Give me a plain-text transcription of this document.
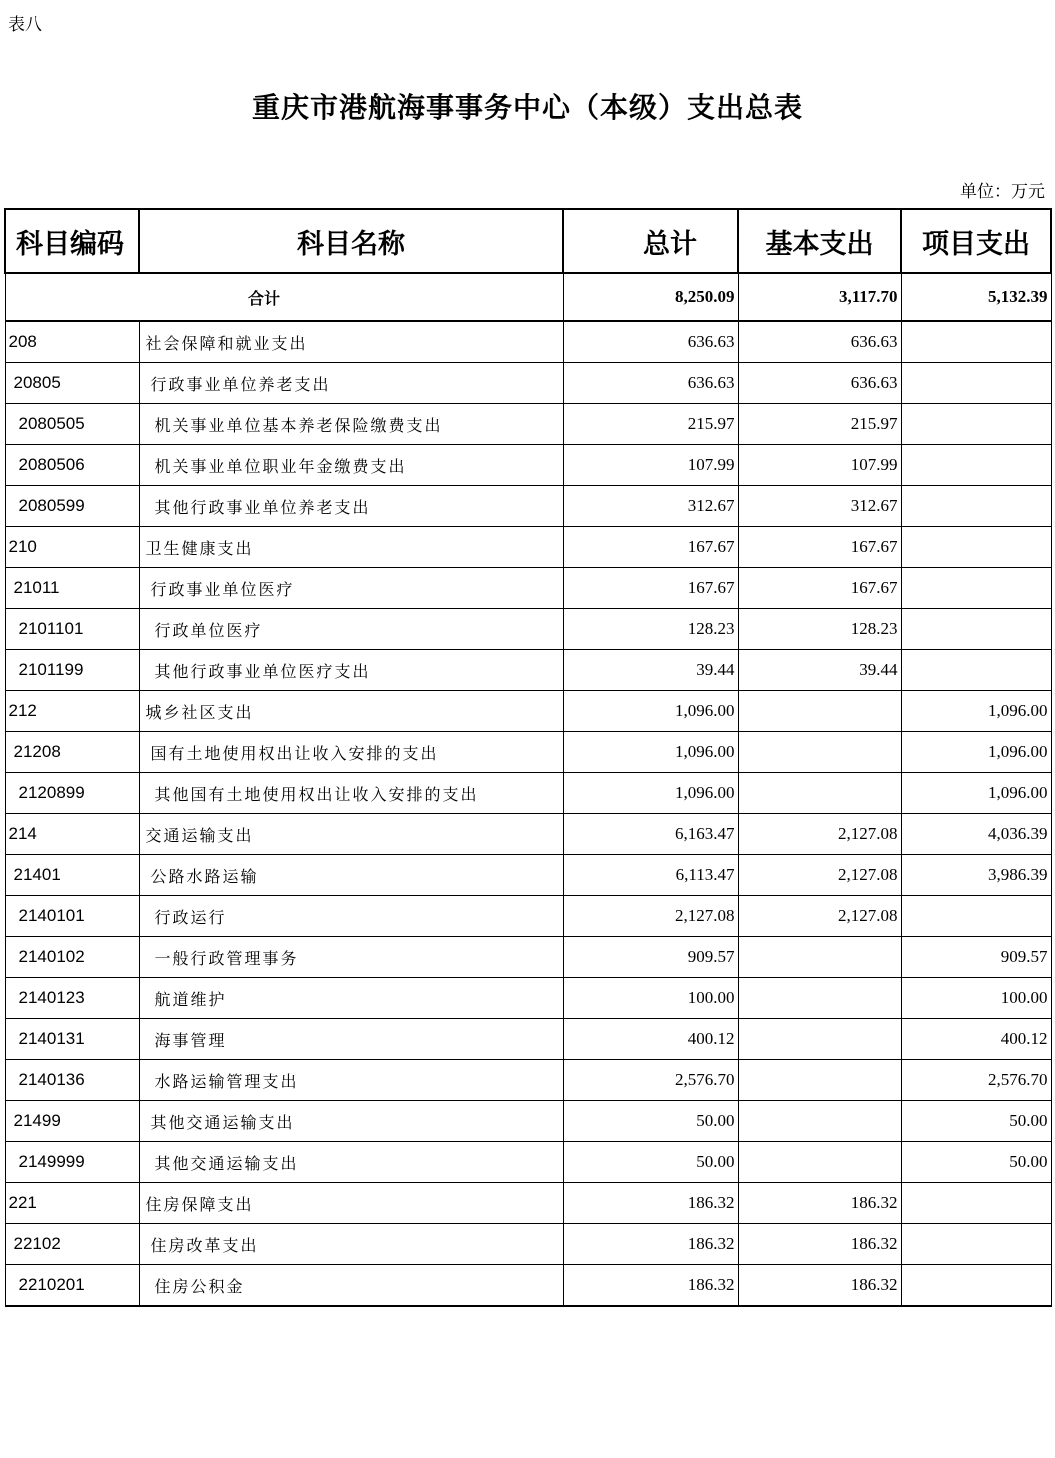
表八
重庆市港航海事事务中心（本级）支出总表
单位：万元
科目编码	科目名称	总计	基本支出	项目支出
合计		8,250.09	3,117.70	5,132.39
208	社会保障和就业支出	636.63	636.63	
20805	行政事业单位养老支出	636.63	636.63	
2080505	机关事业单位基本养老保险缴费支出	215.97	215.97	
2080506	机关事业单位职业年金缴费支出	107.99	107.99	
2080599	其他行政事业单位养老支出	312.67	312.67	
210	卫生健康支出	167.67	167.67	
21011	行政事业单位医疗	167.67	167.67	
2101101	行政单位医疗	128.23	128.23	
2101199	其他行政事业单位医疗支出	39.44	39.44	
212	城乡社区支出	1,096.00		1,096.00
21208	国有土地使用权出让收入安排的支出	1,096.00		1,096.00
2120899	其他国有土地使用权出让收入安排的支出	1,096.00		1,096.00
214	交通运输支出	6,163.47	2,127.08	4,036.39
21401	公路水路运输	6,113.47	2,127.08	3,986.39
2140101	行政运行	2,127.08	2,127.08	
2140102	一般行政管理事务	909.57		909.57
2140123	航道维护	100.00		100.00
2140131	海事管理	400.12		400.12
2140136	水路运输管理支出	2,576.70		2,576.70
21499	其他交通运输支出	50.00		50.00
2149999	其他交通运输支出	50.00		50.00
221	住房保障支出	186.32	186.32	
22102	住房改革支出	186.32	186.32	
2210201	住房公积金	186.32	186.32	
